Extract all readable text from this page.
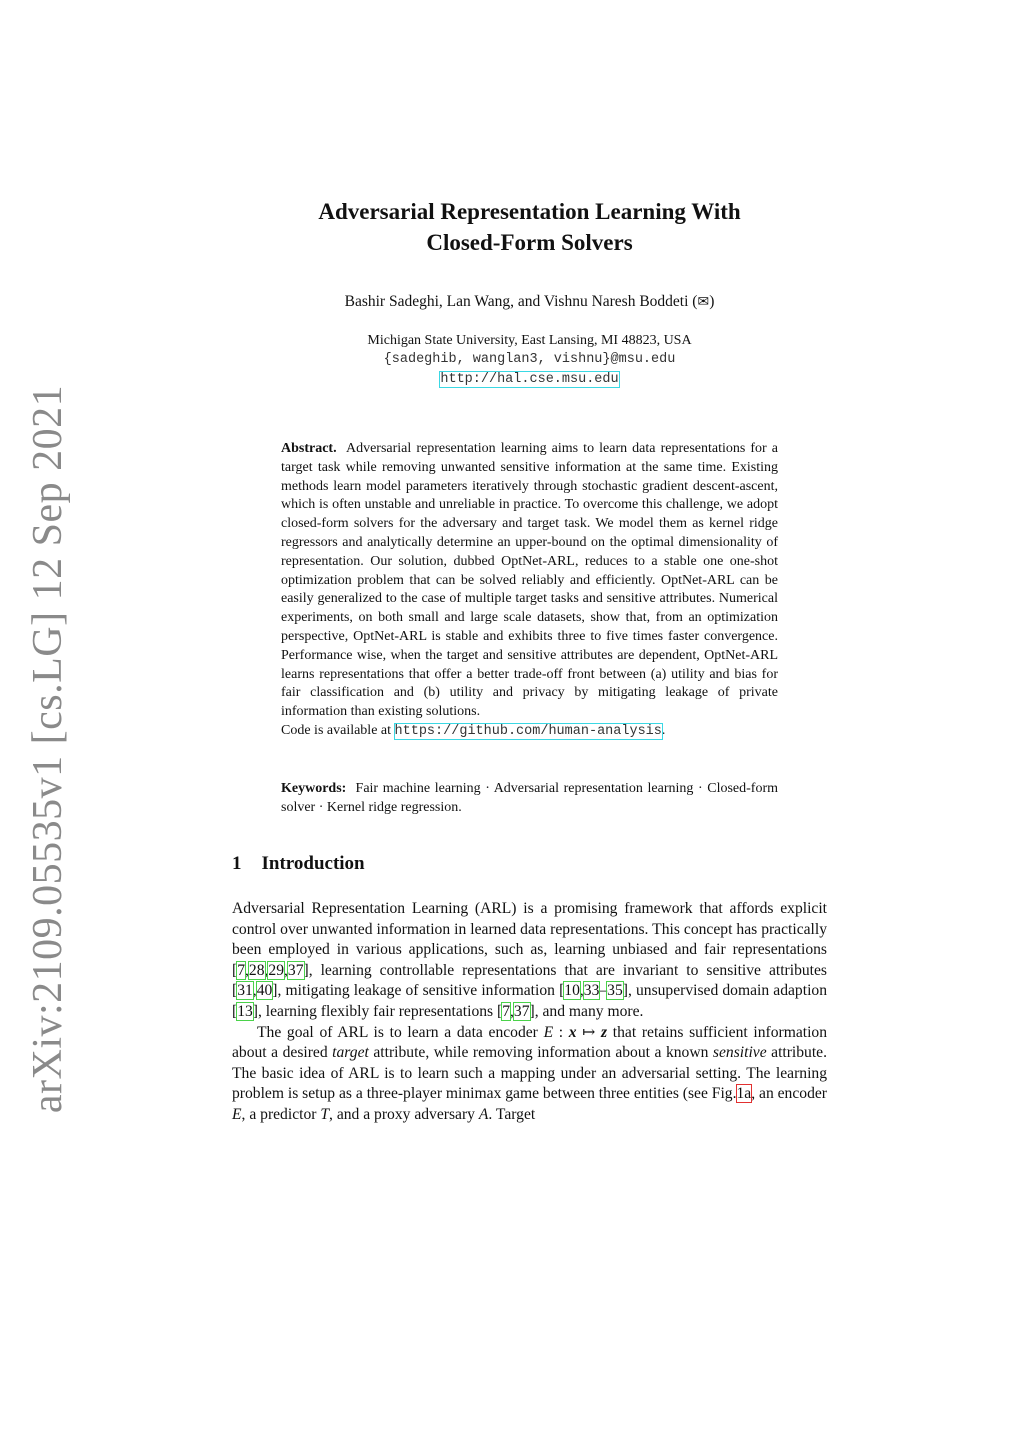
arXiv:2109.05535v1 [cs.LG] 12 Sep 2021
Adversarial Representation Learning With
Closed-Form Solvers
Bashir Sadeghi, Lan Wang, and Vishnu Naresh Boddeti (✉)
Michigan State University, East Lansing, MI 48823, USA
{sadeghib, wanglan3, vishnu}@msu.edu
http://hal.cse.msu.edu
Abstract. Adversarial representation learning aims to learn data representations for a target task while removing unwanted sensitive information at the same time. Existing methods learn model parameters iteratively through stochastic gradient descent-ascent, which is often unstable and unreliable in practice. To overcome this challenge, we adopt closed-form solvers for the adversary and target task. We model them as kernel ridge regressors and analytically determine an upper-bound on the optimal dimensionality of representation. Our solution, dubbed OptNet-ARL, reduces to a stable one one-shot optimization problem that can be solved reliably and efficiently. OptNet-ARL can be easily generalized to the case of multiple target tasks and sensitive attributes. Numerical experiments, on both small and large scale datasets, show that, from an optimization perspective, OptNet-ARL is stable and exhibits three to five times faster convergence. Performance wise, when the target and sensitive attributes are dependent, OptNet-ARL learns representations that offer a better trade-off front between (a) utility and bias for fair classification and (b) utility and privacy by mitigating leakage of private information than existing solutions.
Code is available at https://github.com/human-analysis.
Keywords: Fair machine learning · Adversarial representation learning · Closed-form solver · Kernel ridge regression.
1 Introduction

Adversarial Representation Learning (ARL) is a promising framework that affords explicit control over unwanted information in learned data representations. This concept has practically been employed in various applications, such as, learning unbiased and fair representations [7,28,29,37], learning controllable representations that are invariant to sensitive attributes [31,40], mitigating leakage of sensitive information [10,33–35], unsupervised domain adaption [13], learning flexibly fair representations [7,37], and many more.

The goal of ARL is to learn a data encoder E : x ↦ z that retains sufficient information about a desired target attribute, while removing information about a known sensitive attribute. The basic idea of ARL is to learn such a mapping under an adversarial setting. The learning problem is setup as a three-player minimax game between three entities (see Fig.1a, an encoder E, a predictor T, and a proxy adversary A. Target
